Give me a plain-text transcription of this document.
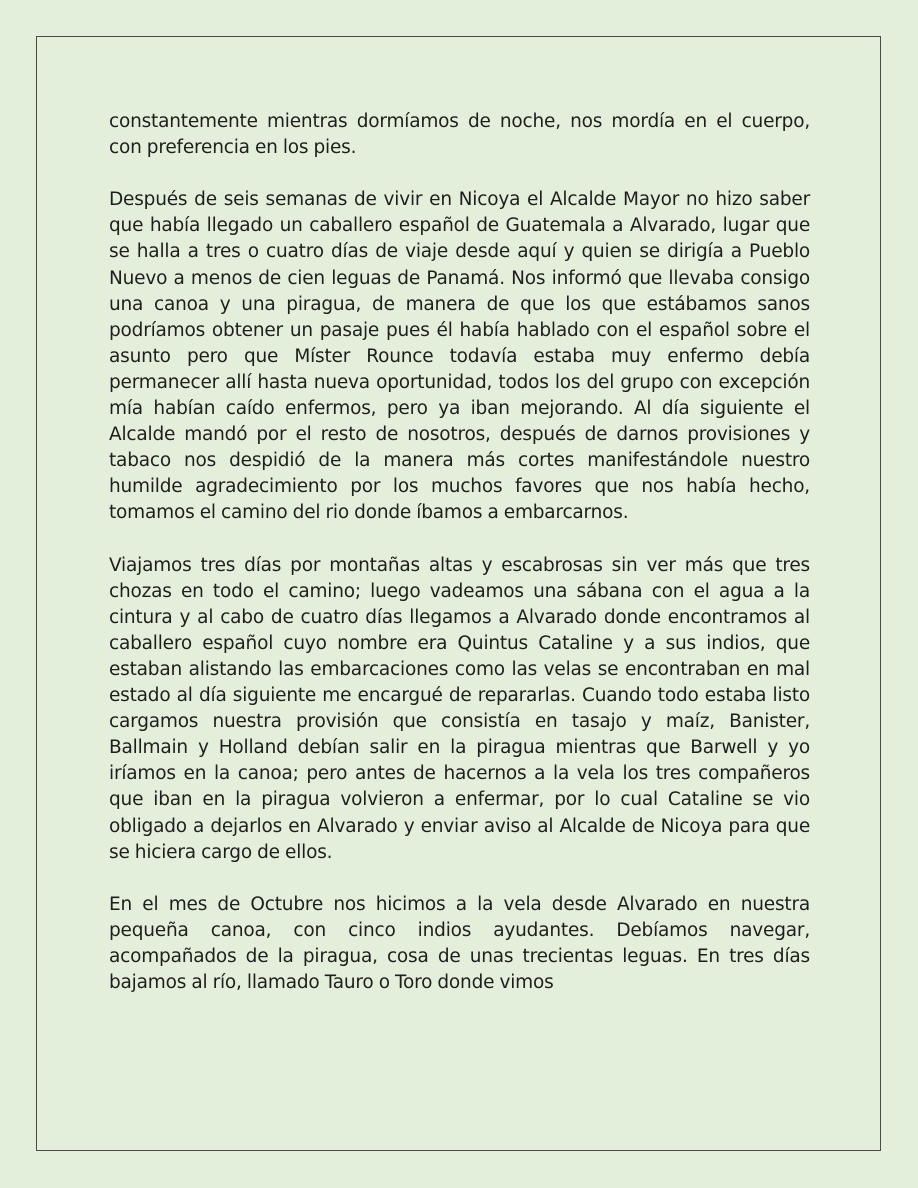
constantemente mientras dormíamos de noche, nos mordía en el cuerpo, con preferencia en los pies.

Después de seis semanas de vivir en Nicoya el Alcalde Mayor no hizo saber que había llegado un caballero español de Guatemala a Alvarado, lugar que se halla a tres o cuatro días de viaje desde aquí y quien se dirigía a Pueblo Nuevo a menos de cien leguas de Panamá. Nos informó que llevaba consigo una canoa y una piragua, de manera de que los que estábamos sanos podríamos obtener un pasaje pues él había hablado con el español sobre el asunto pero que Míster Rounce todavía estaba muy enfermo debía permanecer allí hasta nueva oportunidad, todos los del grupo con excepción mía habían caído enfermos, pero ya iban mejorando. Al día siguiente el Alcalde mandó por el resto de nosotros, después de darnos provisiones y tabaco nos despidió de la manera más cortes manifestándole nuestro humilde agradecimiento por los muchos favores que nos había hecho, tomamos el camino del rio donde íbamos a embarcarnos.

Viajamos tres días por montañas altas y escabrosas sin ver más que tres chozas en todo el camino; luego vadeamos una sábana con el agua a la cintura y al cabo de cuatro días llegamos a Alvarado donde encontramos al caballero español cuyo nombre era Quintus Cataline y a sus indios, que estaban alistando las embarcaciones como las velas se encontraban en mal estado al día siguiente me encargué de repararlas. Cuando todo estaba listo cargamos nuestra provisión que consistía en tasajo y maíz, Banister, Ballmain y Holland debían salir en la piragua mientras que Barwell y yo iríamos en la canoa; pero antes de hacernos a la vela los tres compañeros que iban en la piragua volvieron a enfermar, por lo cual Cataline se vio obligado a dejarlos en Alvarado y enviar aviso al Alcalde de Nicoya para que se hiciera cargo de ellos.

En el mes de Octubre nos hicimos a la vela desde Alvarado en nuestra pequeña canoa, con cinco indios ayudantes. Debíamos navegar, acompañados de la piragua, cosa de unas trecientas leguas. En tres días bajamos al río, llamado Tauro o Toro donde vimos
